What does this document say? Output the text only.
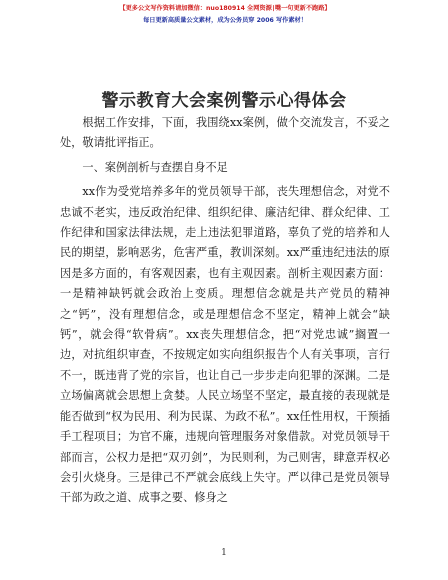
【更多公文写作资料请加微信：nuo180914 全网资源∣嘴一句更新不跑路】
每日更新高质量公文素材，成为公务员穿 2006 写作素材！
警示教育大会案例警示心得体会

根据工作安排，下面，我围绕xx案例，做个交流发言，不妥之处，敬请批评指正。

一、案例剖析与查摆自身不足

xx作为受党培养多年的党员领导干部，丧失理想信念，对党不忠诚不老实，违反政治纪律、组织纪律、廉洁纪律、群众纪律、工作纪律和国家法律法规，走上违法犯罪道路，辜负了党的培养和人民的期望，影响恶劣，危害严重，教训深刻。xx严重违纪违法的原因是多方面的，有客观因素，也有主观因素。剖析主观因素方面：一是精神缺钙就会政治上变质。理想信念就是共产党员的精神之“钙”，没有理想信念，或是理想信念不坚定，精神上就会“缺钙”，就会得“软骨病”。xx丧失理想信念，把“对党忠诚”搁置一边，对抗组织审查，不按规定如实向组织报告个人有关事项，言行不一，既违背了党的宗旨，也让自己一步步走向犯罪的深渊。二是立场偏离就会思想上贪婪。人民立场坚不坚定，最直接的表现就是能否做到“权为民用、利为民谋、为政不私”。xx任性用权，干预插手工程项目；为官不廉，违规向管理服务对象借款。对党员领导干部而言，公权力是把“双刃剑”，为民则利，为己则害，肆意弄权必会引火烧身。三是律己不严就会底线上失守。严以律己是党员领导干部为政之道、成事之要、修身之

1
